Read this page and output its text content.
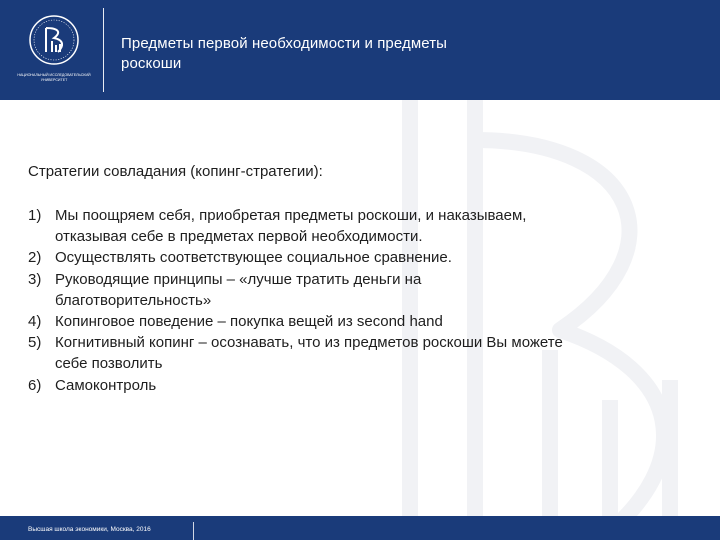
НАЦИОНАЛЬНЫЙ ИССЛЕДОВАТЕЛЬСКИЙ
УНИВЕРСИТЕТ
Предметы первой необходимости и предметы
роскоши
Стратегии совладания (копинг-стратегии):
1) Мы поощряем себя, приобретая предметы роскоши, и наказываем,
отказывая себе в предметах первой необходимости.
2) Осуществлять соответствующее социальное сравнение.
3) Руководящие принципы – «лучше тратить деньги на
благотворительность»
4) Копинговое поведение – покупка вещей из second hand
5) Когнитивный копинг – осознавать, что из предметов роскоши Вы можете
себе позволить
6) Самоконтроль
Высшая школа экономики, Москва, 2016
